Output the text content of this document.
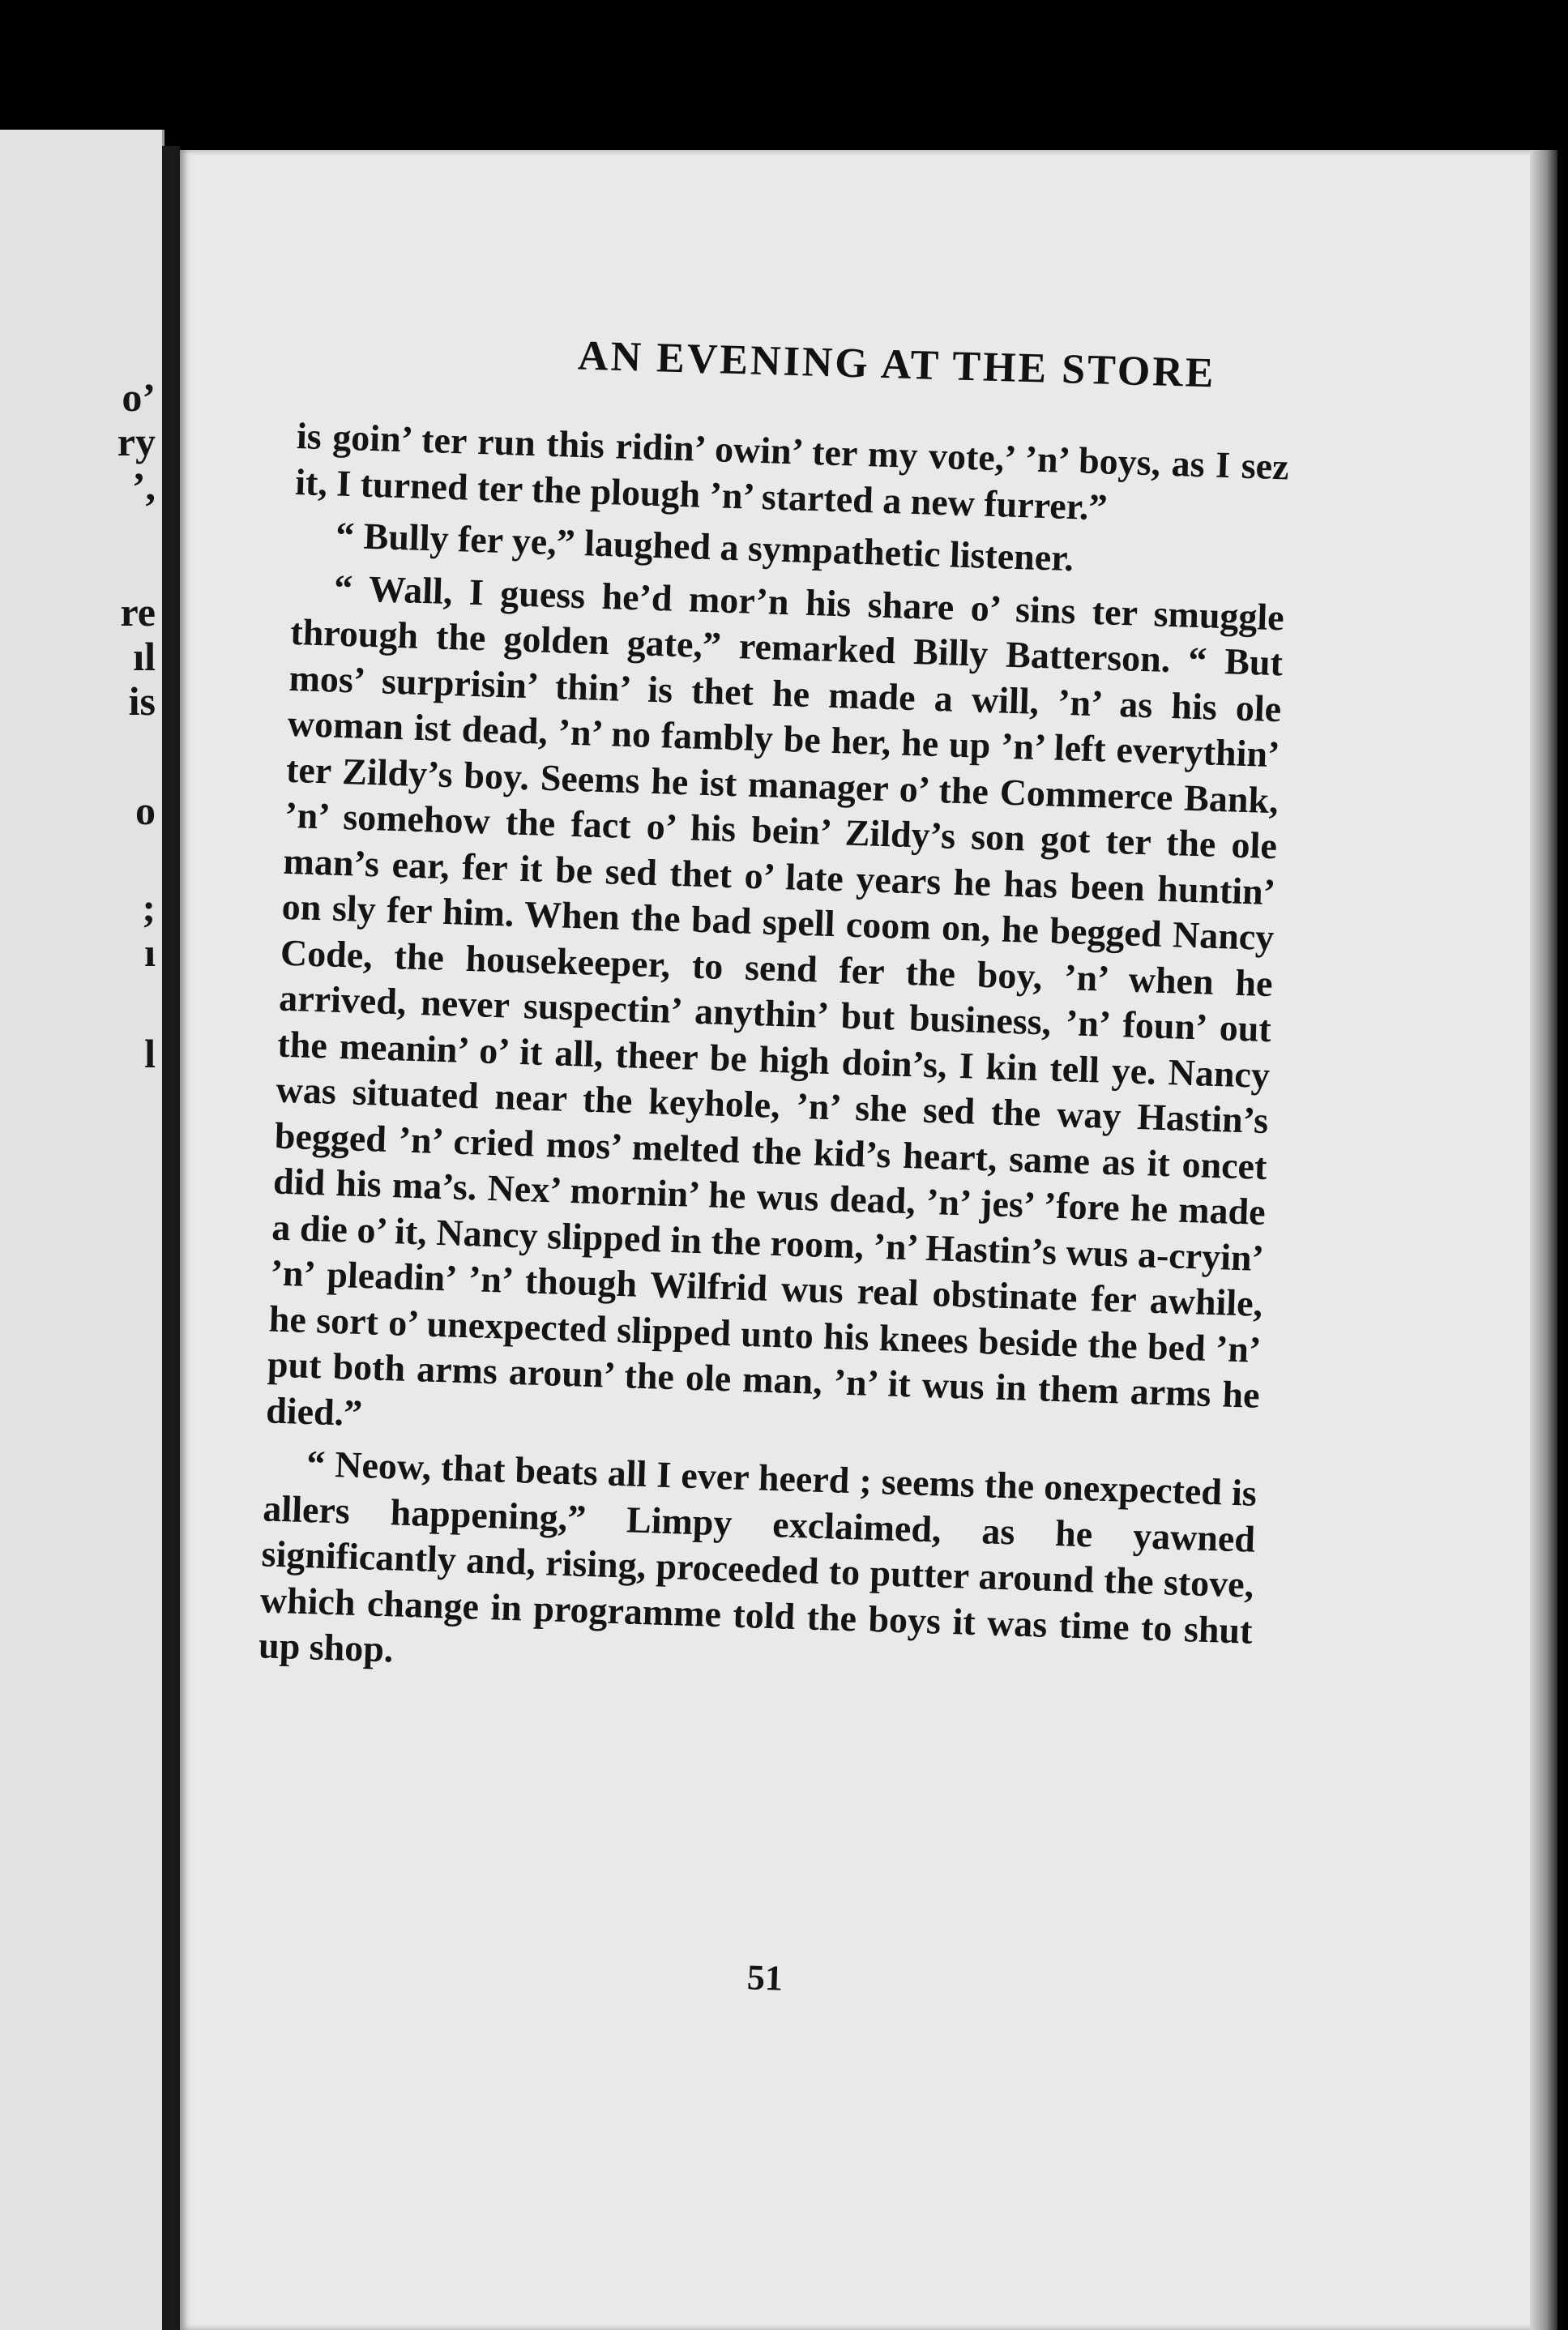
o’
ry
’,
re
ıl
is
o
;
ı
l
AN EVENING AT THE STORE

is goin’ ter run this ridin’ owin’ ter my vote,’ ’n’ boys, as I sez it, I turned ter the plough ’n’ started a new furrer.”

“ Bully fer ye,” laughed a sympathetic listener.

“ Wall, I guess he’d mor’n his share o’ sins ter smuggle through the golden gate,” remarked Billy Batterson. “ But mos’ surprisin’ thin’ is thet he made a will, ’n’ as his ole woman ist dead, ’n’ no fambly be her, he up ’n’ left everythin’ ter Zildy’s boy. Seems he ist manager o’ the Commerce Bank, ’n’ somehow the fact o’ his bein’ Zildy’s son got ter the ole man’s ear, fer it be sed thet o’ late years he has been huntin’ on sly fer him. When the bad spell coom on, he begged Nancy Code, the housekeeper, to send fer the boy, ’n’ when he arrived, never suspectin’ anythin’ but business, ’n’ foun’ out the meanin’ o’ it all, theer be high doin’s, I kin tell ye. Nancy was situated near the keyhole, ’n’ she sed the way Hastin’s begged ’n’ cried mos’ melted the kid’s heart, same as it oncet did his ma’s. Nex’ mornin’ he wus dead, ’n’ jes’ ’fore he made a die o’ it, Nancy slipped in the room, ’n’ Hastin’s wus a-cryin’ ’n’ pleadin’ ’n’ though Wilfrid wus real obstinate fer awhile, he sort o’ unexpected slipped unto his knees beside the bed ’n’ put both arms aroun’ the ole man, ’n’ it wus in them arms he died.”

“ Neow, that beats all I ever heerd ; seems the onexpected is allers happening,” Limpy exclaimed, as he yawned significantly and, rising, proceeded to putter around the stove, which change in programme told the boys it was time to shut up shop.

51
